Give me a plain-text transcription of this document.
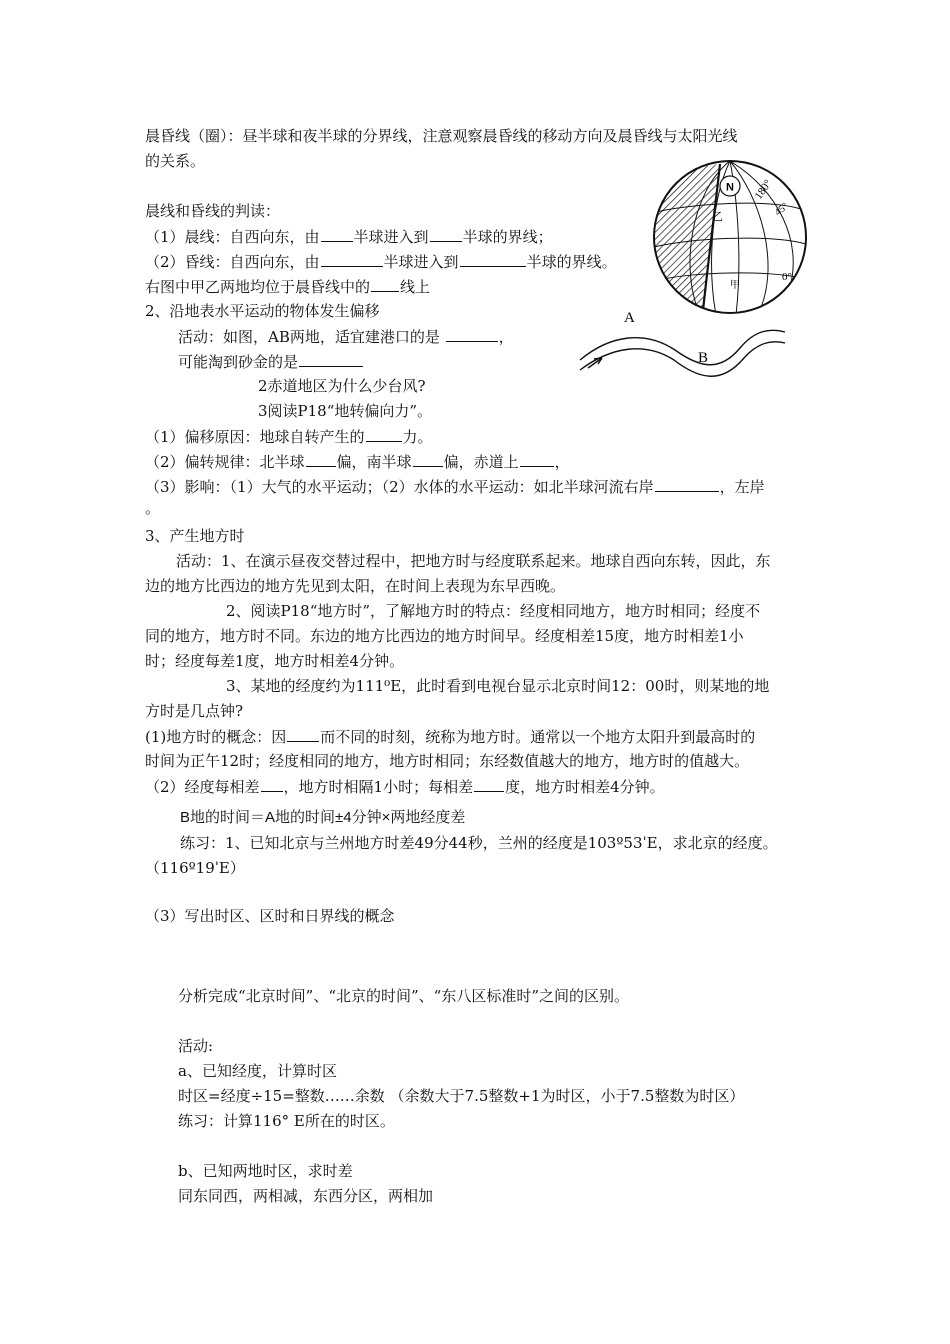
晨昏线（圈）：昼半球和夜半球的分界线，注意观察晨昏线的移动方向及晨昏线与太阳光线
的关系。
晨线和昏线的判读：
（1）晨线：自西向东，由 半球进入到 半球的界线；
（2）昏线：自西向东，由	半球进入到	半球的界线。
右图中甲乙两地均位于晨昏线中的 线上
2、沿地表水平运动的物体发生偏移
活动：如图，AB两地，适宜建港口的是	，
可能淘到砂金的是
2赤道地区为什么少台风?
3阅读P18“地转偏向力”。
（1）偏移原因：地球自转产生的	力。
（2）偏转规律：北半球 偏，南半球 偏，赤道上 ，
（3）影响：（1）大气的水平运动；（2）水体的水平运动：如北半球河流右岸	，左岸
。
3、产生地方时
活动：1、在演示昼夜交替过程中，把地方时与经度联系起来。地球自西向东转，因此，东
边的地方比西边的地方先见到太阳，在时间上表现为东早西晚。
2、阅读P18“地方时”，了解地方时的特点：经度相同地方，地方时相同；经度不
同的地方，地方时不同。东边的地方比西边的地方时间早。经度相差15度，地方时相差1小
时；经度每差1度，地方时相差4分钟。
3、某地的经度约为111⁰E，此时看到电视台显示北京时间12：00时，则某地的地
方时是几点钟?
(1)地方时的概念：因 而不同的时刻，统称为地方时。通常以一个地方太阳升到最高时的
时间为正午12时；经度相同的地方，地方时相同；东经数值越大的地方，地方时的值越大。
（2）经度每相差 ，地方时相隔1小时；每相差 度，地方时相差4分钟。
B地的时间＝A地的时间±4分钟×两地经度差
练习：1、已知北京与兰州地方时差49分44秒，兰州的经度是103º53ˈE，求北京的经度。
（116º19ˈE）
（3）写出时区、区时和日界线的概念
分析完成“北京时间”、“北京的时间”、“东八区标准时”之间的区别。
活动:
a、已知经度，计算时区
时区=经度÷15=整数……余数 （余数大于7.5整数+1为时区，小于7.5整数为时区）
练习：计算116° E所在的时区。
b、已知两地时区，求时差
同东同西，两相减，东西分区，两相加
N 180°
45°
0°
乙
甲
A
B
